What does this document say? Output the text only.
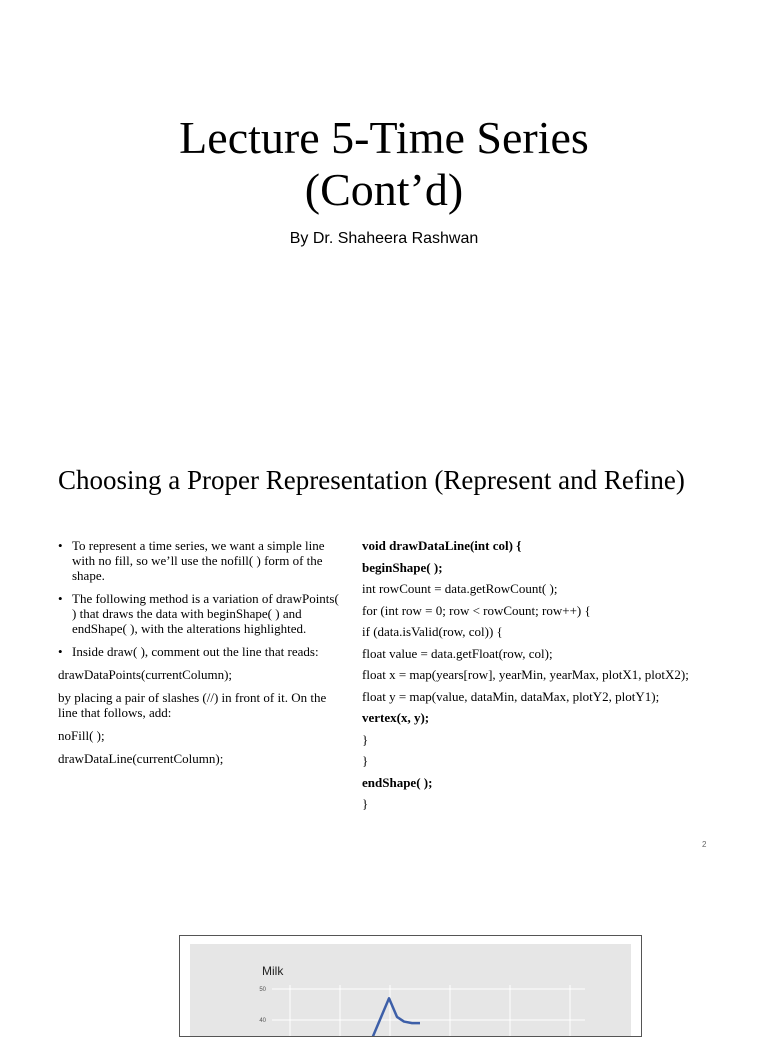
Lecture 5-Time Series
(Cont’d)
By Dr. Shaheera Rashwan
Choosing a Proper Representation (Represent and Refine)
• To represent a time series, we want a simple line with no fill, so we’ll use the nofill( ) form of the shape.
• The following method is a variation of drawPoints( ) that draws the data with beginShape( ) and endShape( ), with the alterations highlighted.
• Inside draw( ), comment out the line that reads:

drawDataPoints(currentColumn);

by placing a pair of slashes (//) in front of it. On the line that follows, add:

noFill( );

drawDataLine(currentColumn);

void drawDataLine(int col) {
beginShape( );
int rowCount = data.getRowCount( );
for (int row = 0; row < rowCount; row++) {
if (data.isValid(row, col)) {
float value = data.getFloat(row, col);
float x = map(years[row], yearMin, yearMax, plotX1, plotX2);
float y = map(value, dataMin, dataMax, plotY2, plotY1);
vertex(x, y);
}
}
endShape( );
}
2
Milk
50
40
